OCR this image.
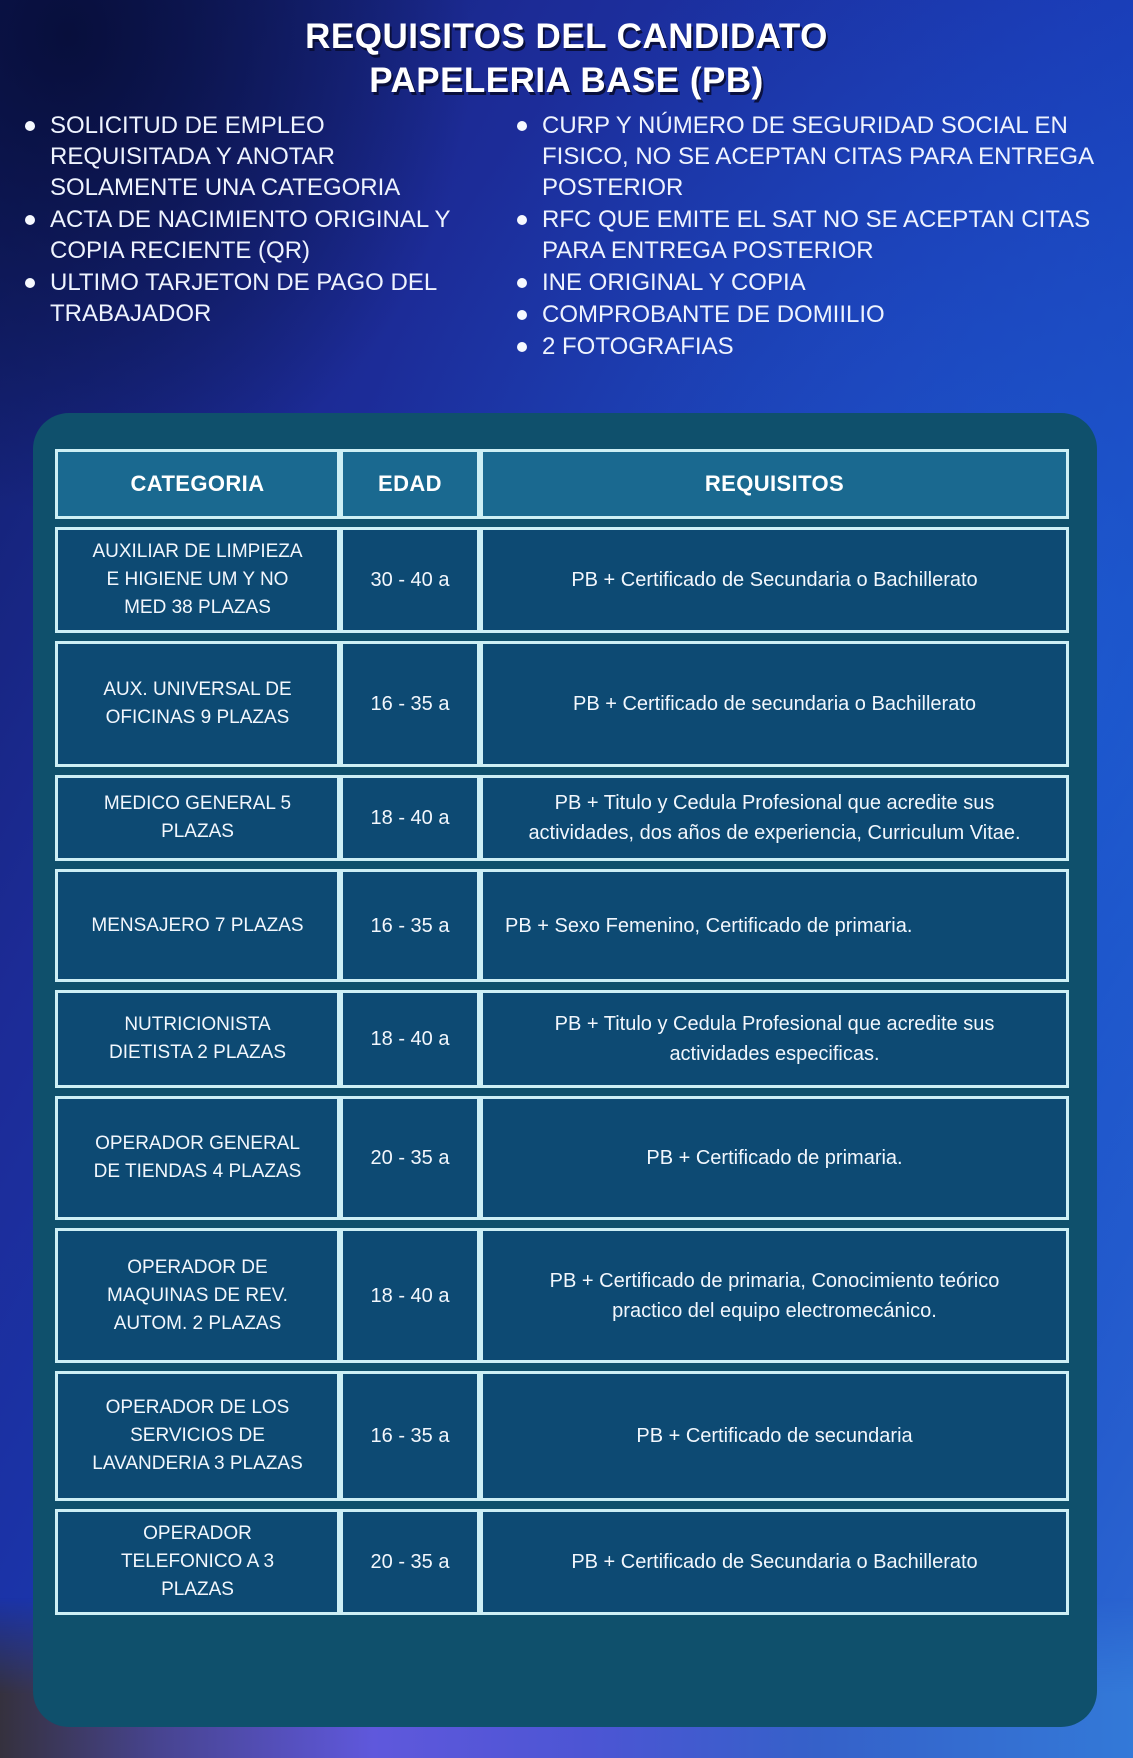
REQUISITOS DEL CANDIDATO
PAPELERIA BASE (PB)
SOLICITUD DE EMPLEO REQUISITADA Y ANOTAR SOLAMENTE UNA CATEGORIA
ACTA DE NACIMIENTO ORIGINAL Y COPIA RECIENTE (QR)
ULTIMO TARJETON DE PAGO DEL TRABAJADOR
CURP Y NÚMERO DE SEGURIDAD SOCIAL EN FISICO, NO SE ACEPTAN CITAS PARA ENTREGA POSTERIOR
RFC QUE EMITE EL SAT NO SE ACEPTAN CITAS PARA ENTREGA POSTERIOR
INE ORIGINAL Y COPIA
COMPROBANTE DE DOMIILIO
2 FOTOGRAFIAS
CATEGORIA	EDAD	REQUISITOS
AUXILIAR DE LIMPIEZA E HIGIENE UM Y NO MED 38 PLAZAS	30 - 40 a	PB + Certificado de Secundaria o Bachillerato
AUX. UNIVERSAL DE OFICINAS 9 PLAZAS	16 - 35 a	PB + Certificado de secundaria o Bachillerato
MEDICO GENERAL 5 PLAZAS	18 - 40 a	PB + Titulo y Cedula Profesional que acredite sus actividades, dos años de experiencia, Curriculum Vitae.
MENSAJERO 7 PLAZAS	16 - 35 a	PB + Sexo Femenino, Certificado de primaria.
NUTRICIONISTA DIETISTA 2 PLAZAS	18 - 40 a	PB + Titulo y Cedula Profesional que acredite sus actividades especificas.
OPERADOR GENERAL DE TIENDAS 4 PLAZAS	20 - 35 a	PB + Certificado de primaria.
OPERADOR DE MAQUINAS DE REV. AUTOM. 2 PLAZAS	18 - 40 a	PB + Certificado de primaria, Conocimiento teórico practico del equipo electromecánico.
OPERADOR DE LOS SERVICIOS DE LAVANDERIA 3 PLAZAS	16 - 35 a	PB + Certificado de secundaria
OPERADOR TELEFONICO A 3 PLAZAS	20 - 35 a	PB + Certificado de Secundaria o Bachillerato
